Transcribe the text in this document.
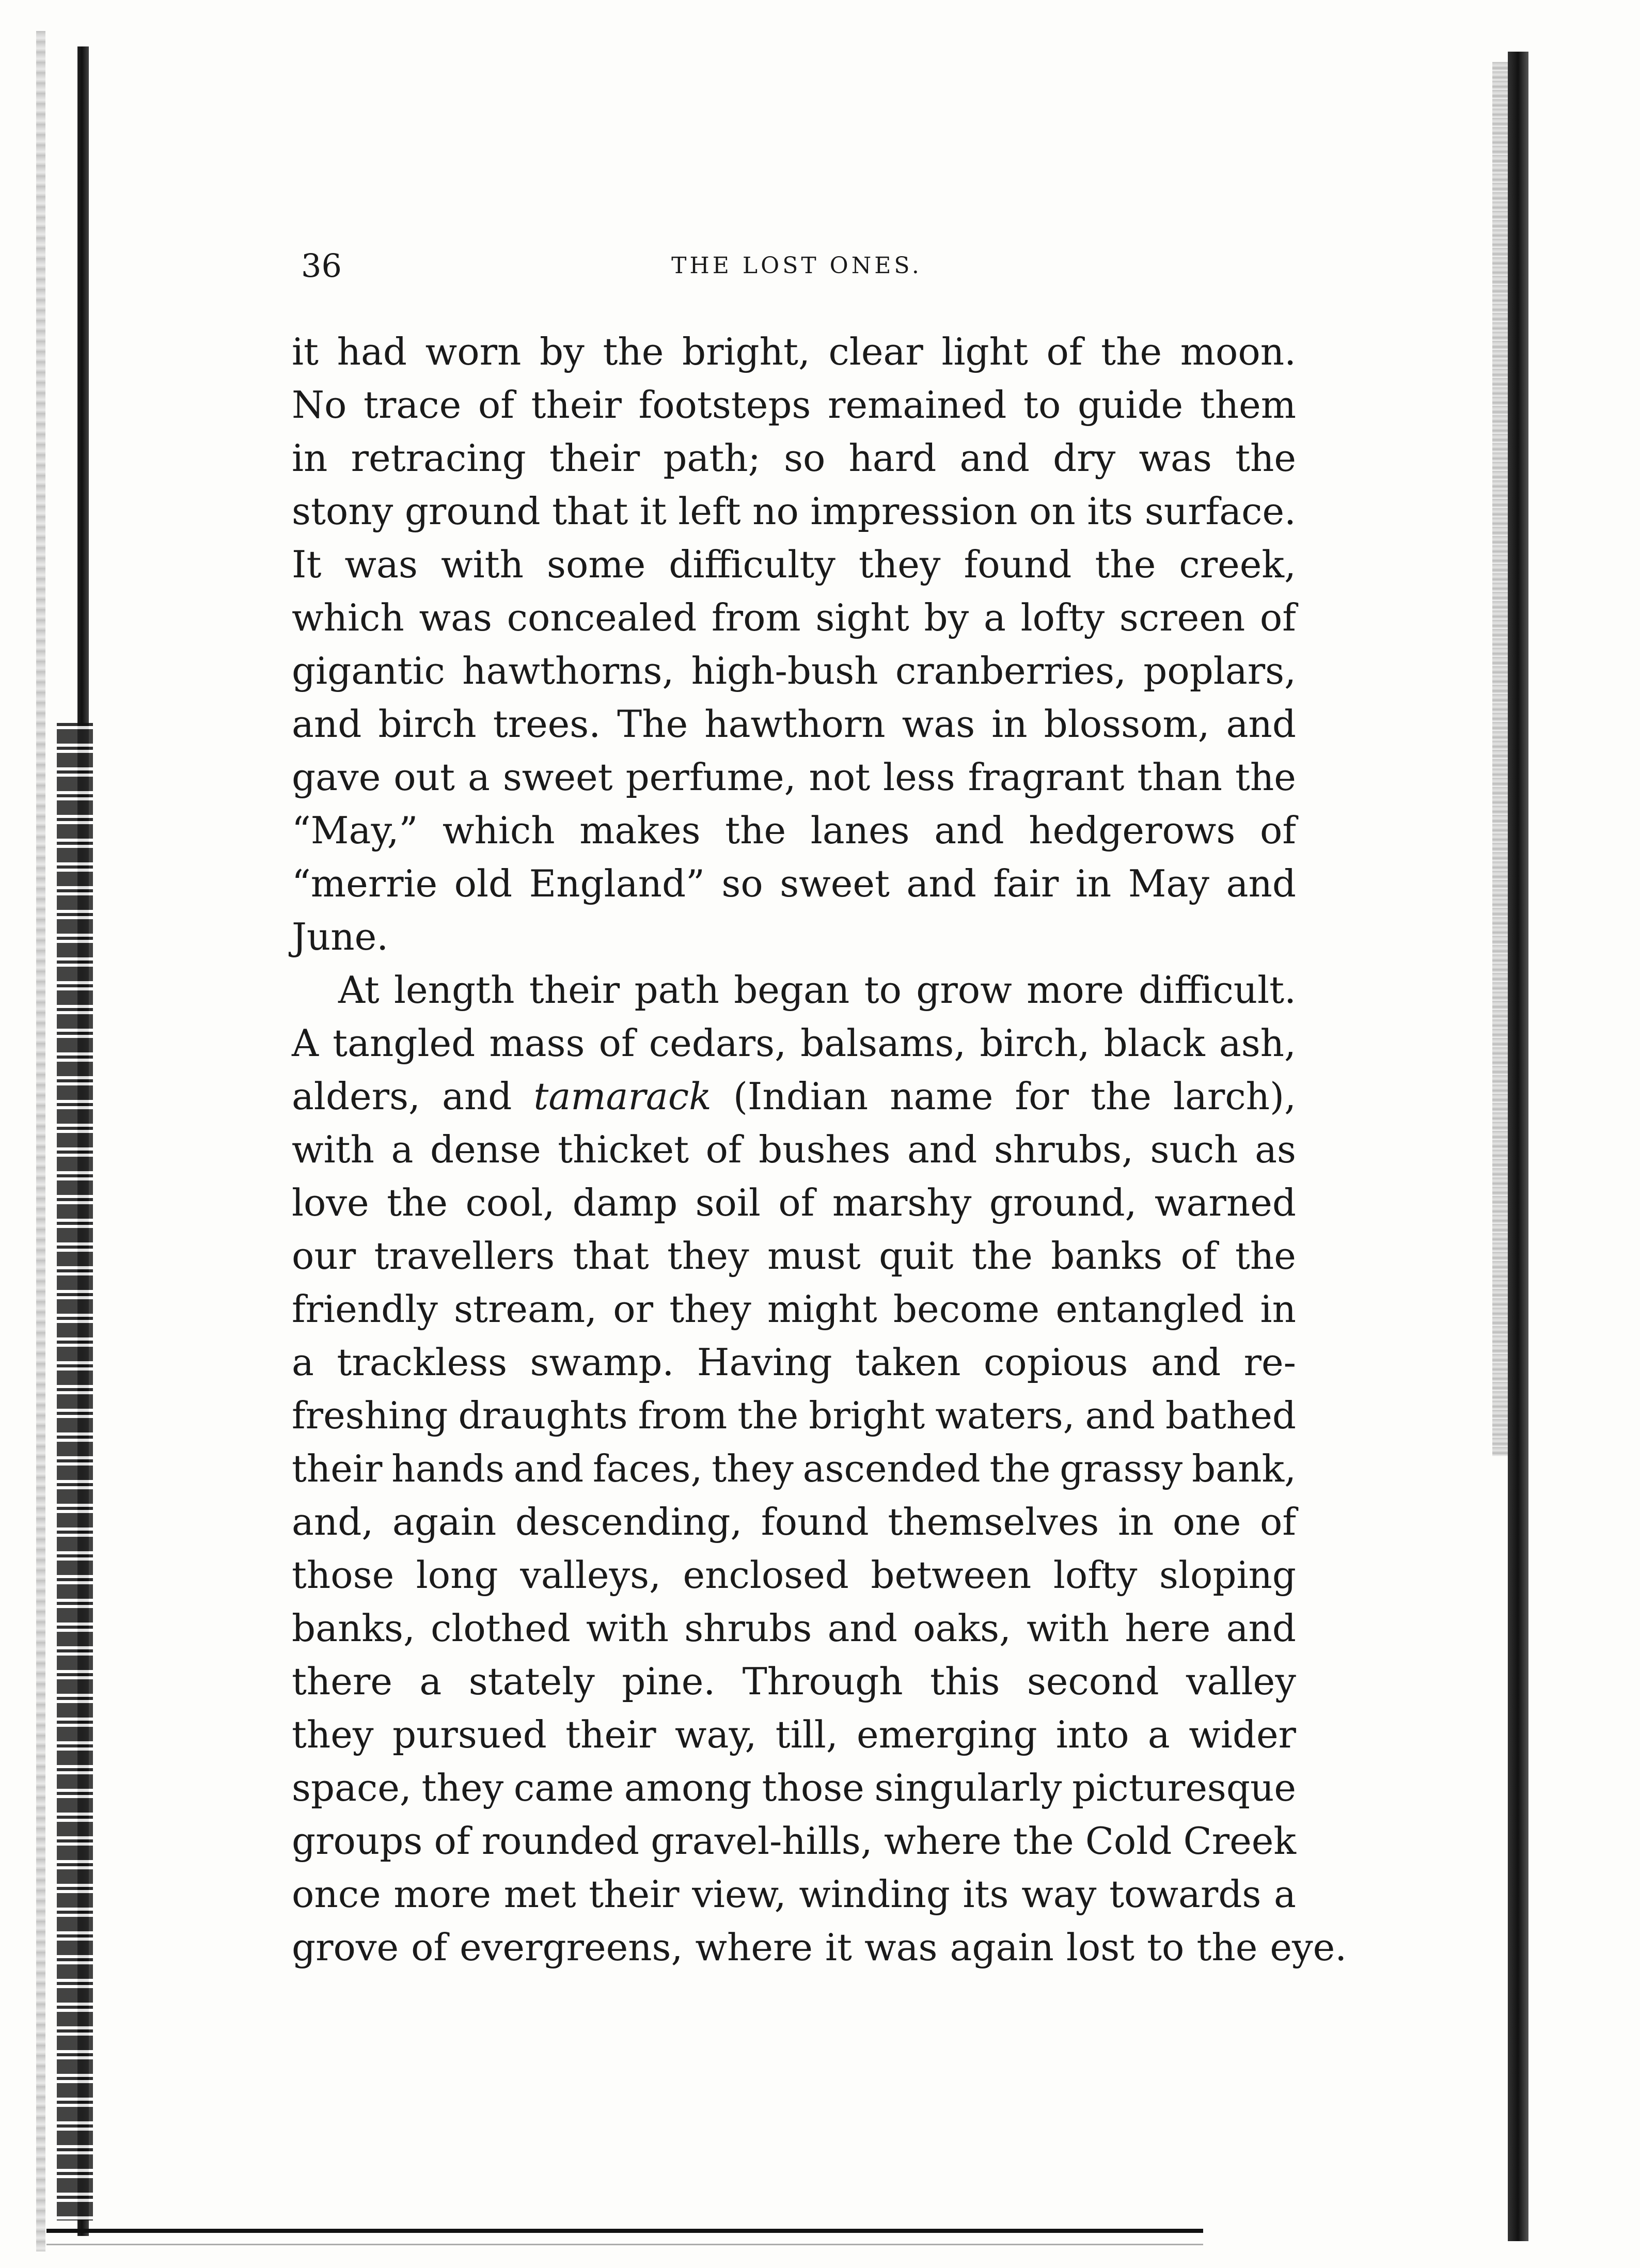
THE LOST ONES.
36
it had worn by the bright, clear light of the moon.
No trace of their footsteps remained to guide them
in retracing their path; so hard and dry was the
stony ground that it left no impression on its surface.
It was with some difficulty they found the creek,
which was concealed from sight by a lofty screen of
gigantic hawthorns, high-bush cranberries, poplars,
and birch trees. The hawthorn was in blossom, and
gave out a sweet perfume, not less fragrant than the
“May,” which makes the lanes and hedgerows of
“merrie old England” so sweet and fair in May and
June.
At length their path began to grow more difficult.
A tangled mass of cedars, balsams, birch, black ash,
alders, and tamarack (Indian name for the larch),
with a dense thicket of bushes and shrubs, such as
love the cool, damp soil of marshy ground, warned
our travellers that they must quit the banks of the
friendly stream, or they might become entangled in
a trackless swamp. Having taken copious and re-
freshing draughts from the bright waters, and bathed
their hands and faces, they ascended the grassy bank,
and, again descending, found themselves in one of
those long valleys, enclosed between lofty sloping
banks, clothed with shrubs and oaks, with here and
there a stately pine. Through this second valley
they pursued their way, till, emerging into a wider
space, they came among those singularly picturesque
groups of rounded gravel-hills, where the Cold Creek
once more met their view, winding its way towards a
grove of evergreens, where it was again lost to the eye.
